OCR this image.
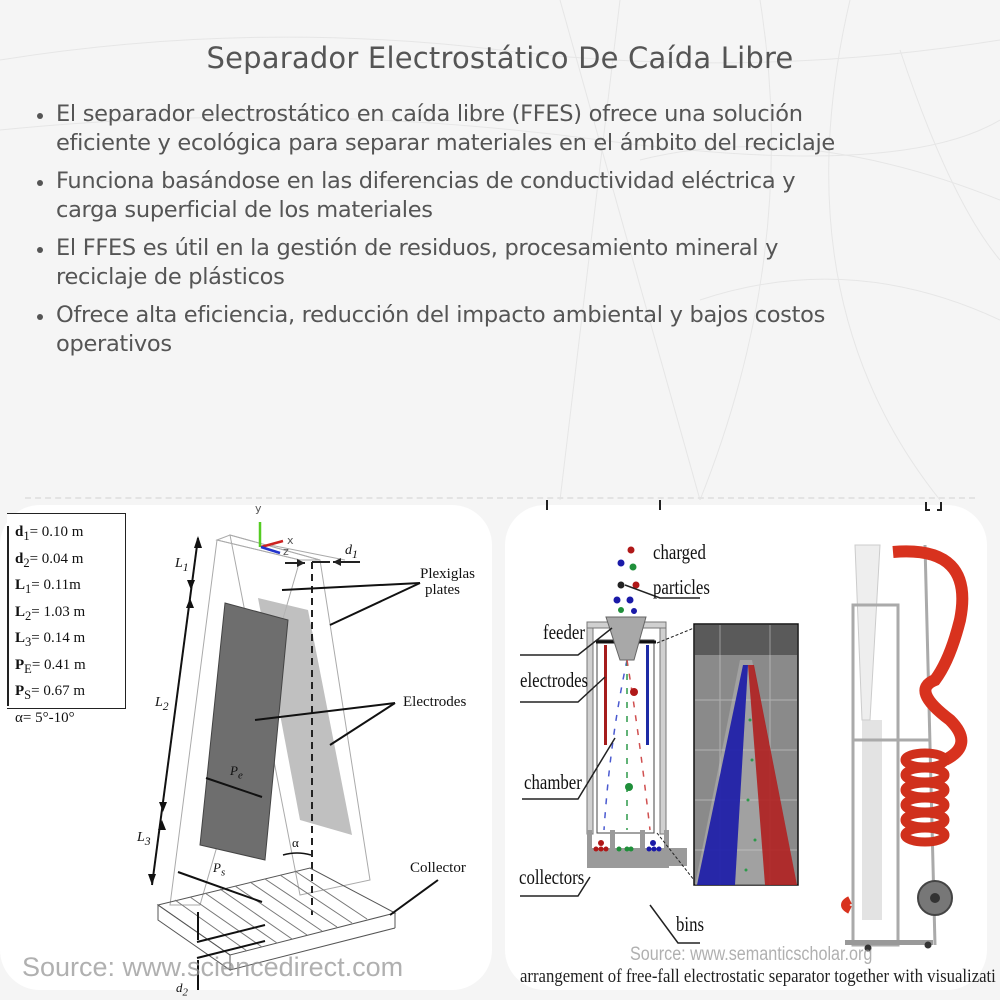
Separador Electrostático De Caída Libre
El separador electrostático en caída libre (FFES) ofrece una solución
eficiente y ecológica para separar materiales en el ámbito del reciclaje
Funciona basándose en las diferencias de conductividad eléctrica y
carga superficial de los materiales
El FFES es útil en la gestión de residuos, procesamiento mineral y
reciclaje de plásticos
Ofrece alta eficiencia, reducción del impacto ambiental y bajos costos
operativos
$d_1= 0.10$ m
$d_2= 0.04$ m
$L_1= 0.11m$
$L_2= 1.03$ m
$L_3= 0.14$ m
$P_E= 0.41$ m
$P_S= 0.67$ m
α= 5°-10°
Plexiglas
plates
Electrodes
Collector
$L_1$
$L_2$
$L_3$
$d_1$
$d_2$
$P_e$
$P_s$
α
y
x
z
Source: www.sciencedirect.com
charged
particles
feeder
electrodes
chamber
collectors
bins
Source: www.semanticscholar.org
arrangement of free-fall electrostatic separator together with visualizati
